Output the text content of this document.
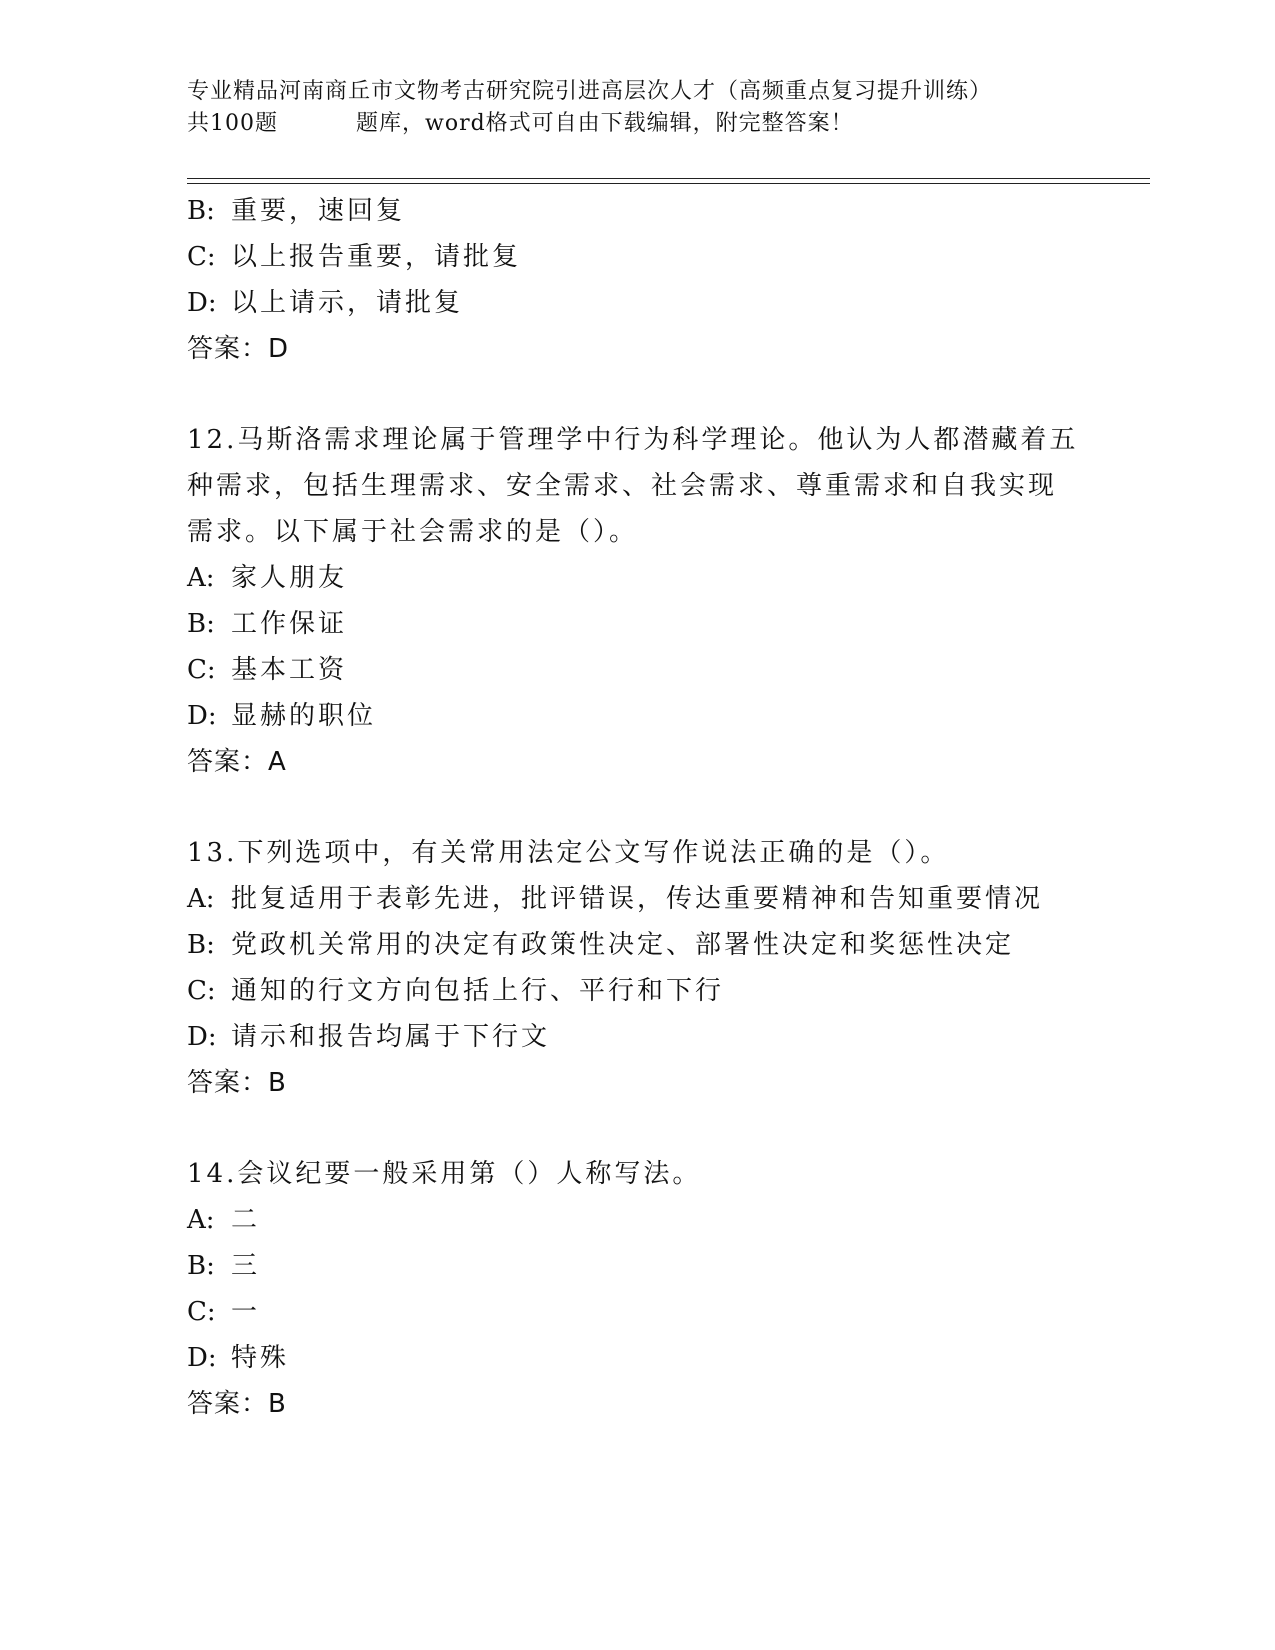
专业精品河南商丘市文物考古研究院引进高层次人才（高频重点复习提升训练）
共100题	题库，word格式可自由下载编辑，附完整答案！
B: 重要，速回复
C: 以上报告重要，请批复
D: 以上请示，请批复
答案：D
12.马斯洛需求理论属于管理学中行为科学理论。他认为人都潜藏着五
种需求，包括生理需求、安全需求、社会需求、尊重需求和自我实现
需求。以下属于社会需求的是（）。
A: 家人朋友
B: 工作保证
C: 基本工资
D: 显赫的职位
答案：A
13.下列选项中，有关常用法定公文写作说法正确的是（）。
A: 批复适用于表彰先进，批评错误，传达重要精神和告知重要情况
B: 党政机关常用的决定有政策性决定、部署性决定和奖惩性决定
C: 通知的行文方向包括上行、平行和下行
D: 请示和报告均属于下行文
答案：B
14.会议纪要一般采用第（）人称写法。
A: 二
B: 三
C: 一
D: 特殊
答案：B
